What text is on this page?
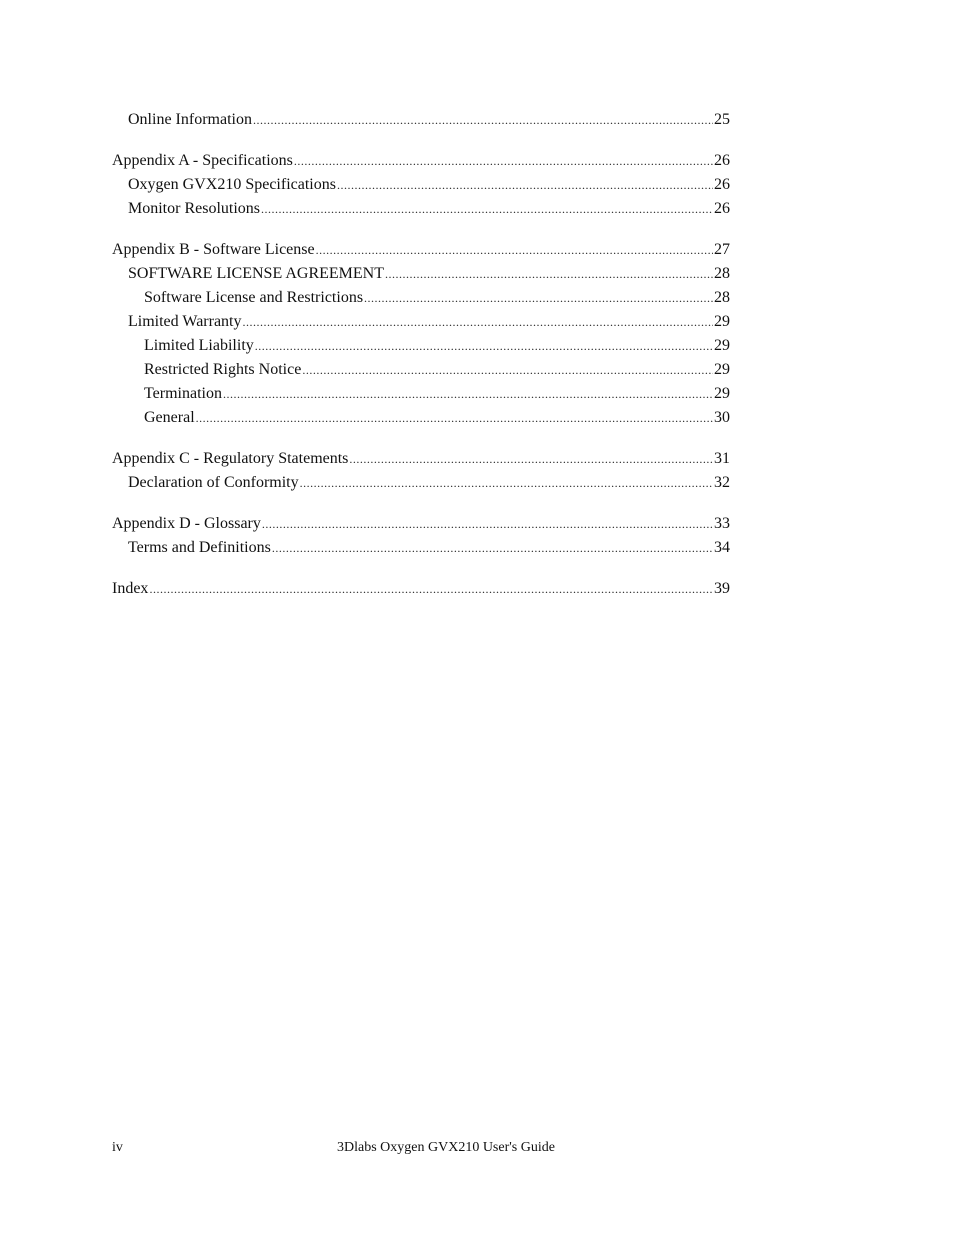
Online Information .....	25
Appendix A - Specifications .....	26
Oxygen GVX210 Specifications .....	26
Monitor Resolutions .....	26
Appendix B - Software License .....	27
SOFTWARE LICENSE AGREEMENT .....	28
Software License and Restrictions .....	28
Limited Warranty .....	29
Limited Liability .....	29
Restricted Rights Notice .....	29
Termination .....	29
General .....	30
Appendix C - Regulatory Statements .....	31
Declaration of Conformity .....	32
Appendix D - Glossary .....	33
Terms and Definitions .....	34
Index .....	39
iv	3Dlabs Oxygen GVX210 User's Guide
